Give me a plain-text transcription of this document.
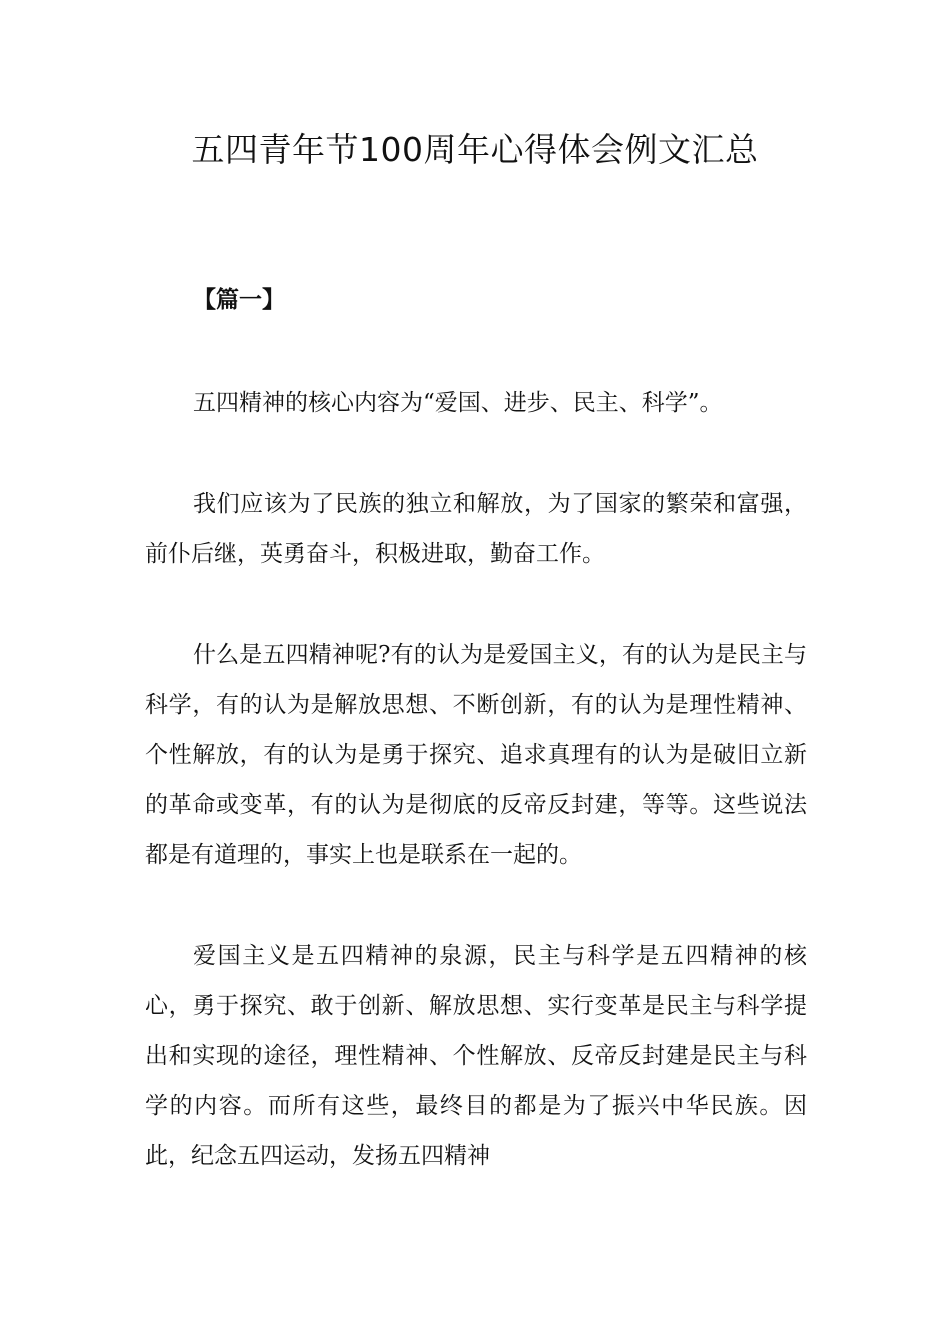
五四青年节100周年心得体会例文汇总
【篇一】

五四精神的核心内容为“爱国、进步、民主、科学”。

我们应该为了民族的独立和解放，为了国家的繁荣和富强，前仆后继，英勇奋斗，积极进取，勤奋工作。

什么是五四精神呢?有的认为是爱国主义，有的认为是民主与科学，有的认为是解放思想、不断创新，有的认为是理性精神、个性解放，有的认为是勇于探究、追求真理有的认为是破旧立新的革命或变革，有的认为是彻底的反帝反封建，等等。这些说法都是有道理的，事实上也是联系在一起的。

爱国主义是五四精神的泉源，民主与科学是五四精神的核心，勇于探究、敢于创新、解放思想、实行变革是民主与科学提出和实现的途径，理性精神、个性解放、反帝反封建是民主与科学的内容。而所有这些，最终目的都是为了振兴中华民族。因此，纪念五四运动，发扬五四精神
